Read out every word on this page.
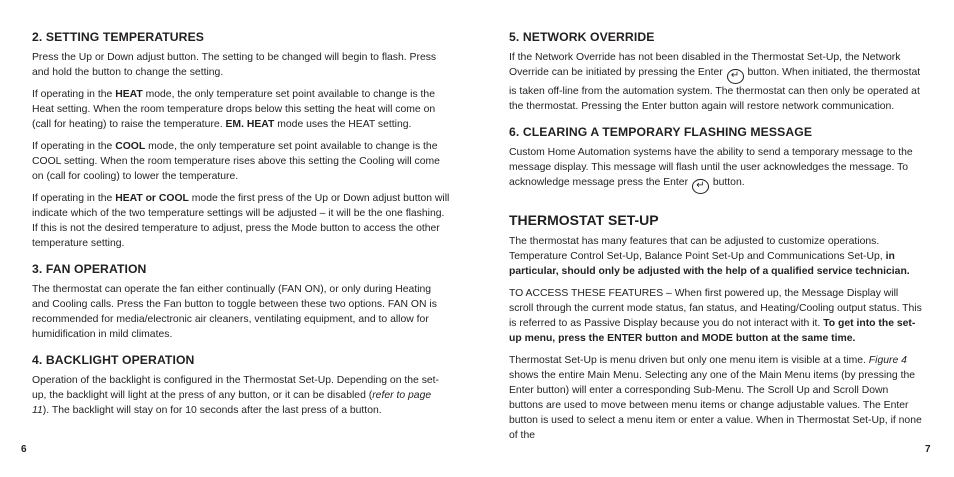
2. SETTING TEMPERATURES

Press the Up or Down adjust button. The setting to be changed will begin to flash. Press and hold the button to change the setting.

If operating in the HEAT mode, the only temperature set point available to change is the Heat setting. When the room temperature drops below this setting the heat will come on (call for heating) to raise the temperature. EM. HEAT mode uses the HEAT setting.

If operating in the COOL mode, the only temperature set point available to change is the COOL setting. When the room temperature rises above this setting the Cooling will come on (call for cooling) to lower the temperature.

If operating in the HEAT or COOL mode the first press of the Up or Down adjust button will indicate which of the two temperature settings will be adjusted – it will be the one flashing. If this is not the desired temperature to adjust, press the Mode button to access the other temperature setting.

3. FAN OPERATION

The thermostat can operate the fan either continually (FAN ON), or only during Heating and Cooling calls. Press the Fan button to toggle between these two options. FAN ON is recommended for media/electronic air cleaners, ventilating equipment, and to allow for humidification in mild climates.

4. BACKLIGHT OPERATION

Operation of the backlight is configured in the Thermostat Set-Up. Depending on the set-up, the backlight will light at the press of any button, or it can be disabled (refer to page 11). The backlight will stay on for 10 seconds after the last press of a button.

6
5. NETWORK OVERRIDE

If the Network Override has not been disabled in the Thermostat Set-Up, the Network Override can be initiated by pressing the Enter ↵ button. When initiated, the thermostat is taken off-line from the automation system. The thermostat can then only be operated at the thermostat. Pressing the Enter button again will restore network communication.

6. CLEARING A TEMPORARY FLASHING MESSAGE

Custom Home Automation systems have the ability to send a temporary message to the message display. This message will flash until the user acknowledges the message. To acknowledge message press the Enter ↵ button.

THERMOSTAT SET-UP

The thermostat has many features that can be adjusted to customize operations. Temperature Control Set-Up, Balance Point Set-Up and Communications Set-Up, in particular, should only be adjusted with the help of a qualified service technician.

TO ACCESS THESE FEATURES – When first powered up, the Message Display will scroll through the current mode status, fan status, and Heating/Cooling output status. This is referred to as Passive Display because you do not interact with it. To get into the set-up menu, press the ENTER button and MODE button at the same time.

Thermostat Set-Up is menu driven but only one menu item is visible at a time. Figure 4 shows the entire Main Menu. Selecting any one of the Main Menu items (by pressing the Enter button) will enter a corresponding Sub-Menu. The Scroll Up and Scroll Down buttons are used to move between menu items or change adjustable values. The Enter button is used to select a menu item or enter a value. When in Thermostat Set-Up, if none of the

7
